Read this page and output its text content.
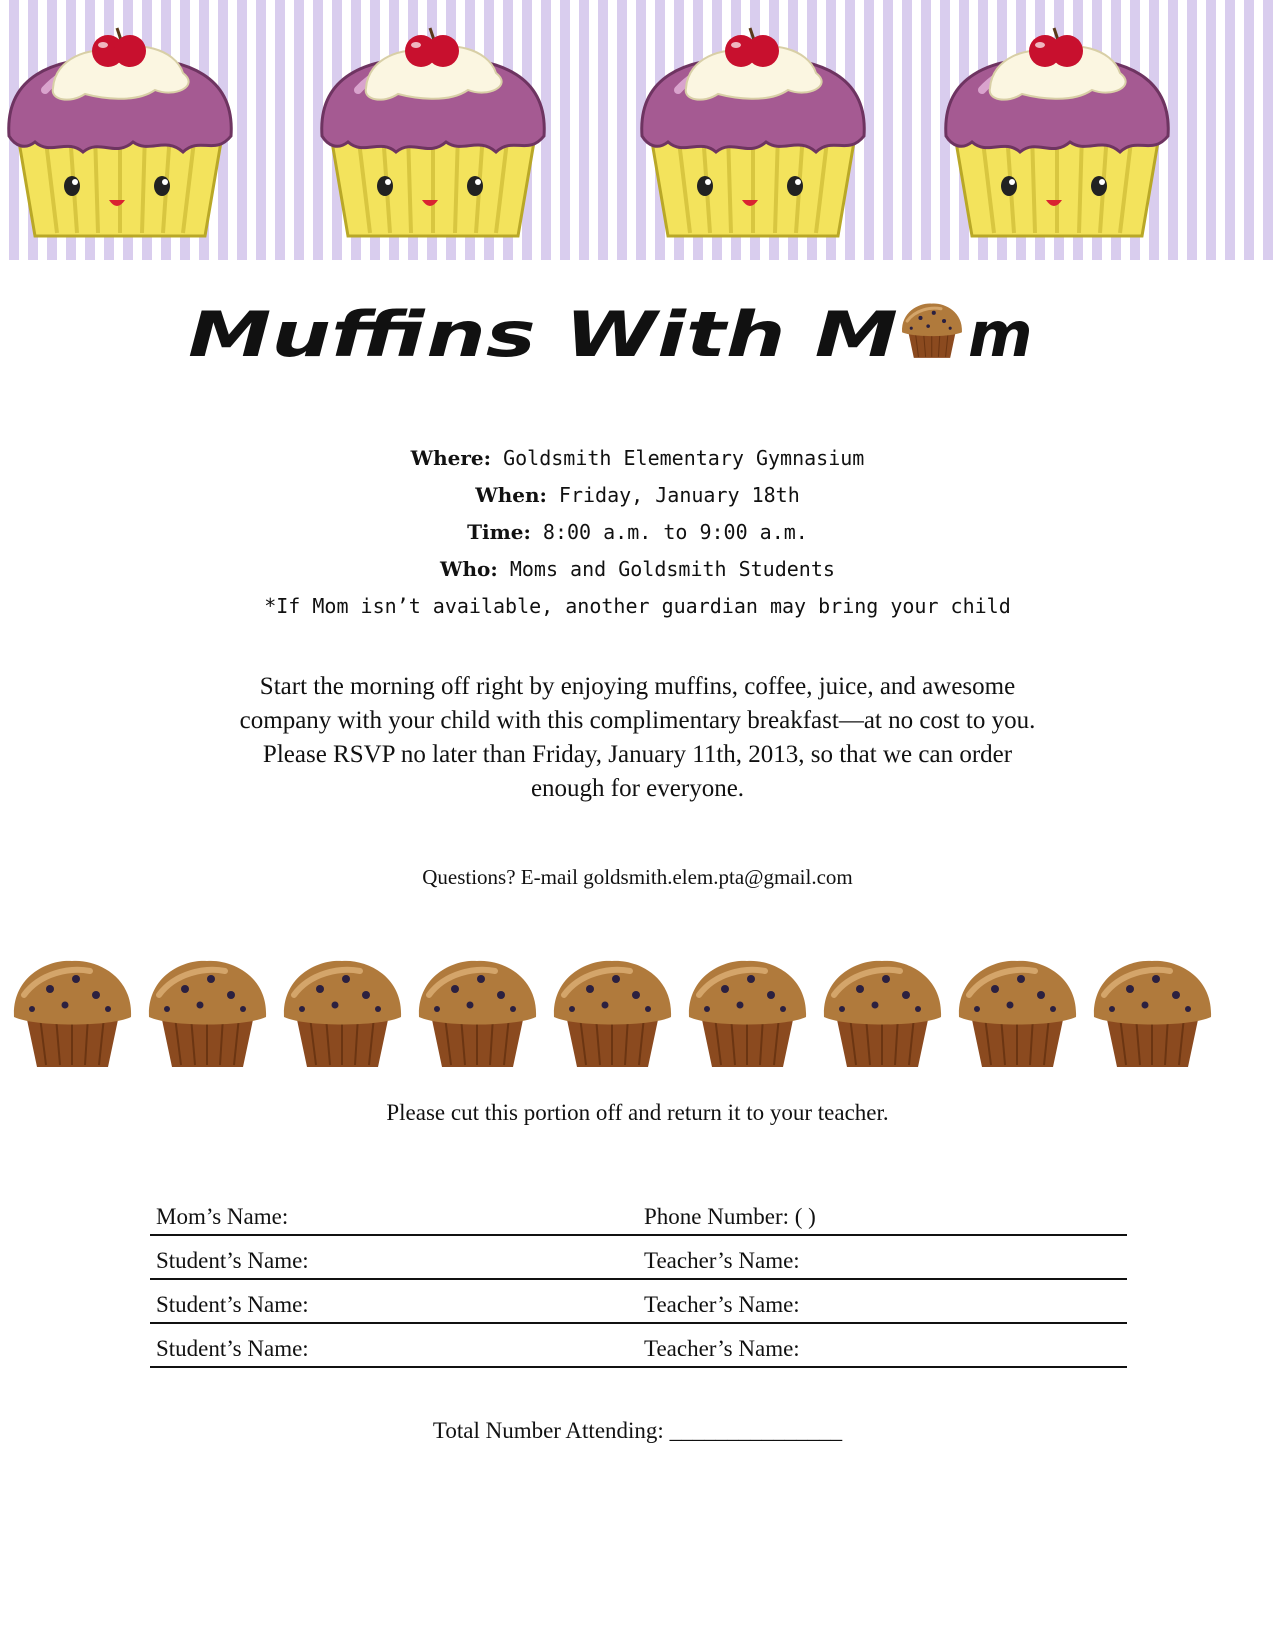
Muffins With M m
Where: Goldsmith Elementary Gymnasium
When: Friday, January 18th
Time: 8:00 a.m. to 9:00 a.m.
Who: Moms and Goldsmith Students
*If Mom isn’t available, another guardian may bring your child
Start the morning off right by enjoying muffins, coffee, juice, and awesome
company with your child with this complimentary breakfast—at no cost to you.
Please RSVP no later than Friday, January 11th, 2013, so that we can order
enough for everyone.
Questions? E-mail goldsmith.elem.pta@gmail.com
Please cut this portion off and return it to your teacher.
Mom’s Name:	Phone Number: ( )
Student’s Name:	Teacher’s Name:
Student’s Name:	Teacher’s Name:
Student’s Name:	Teacher’s Name:
Total Number Attending: _______________
